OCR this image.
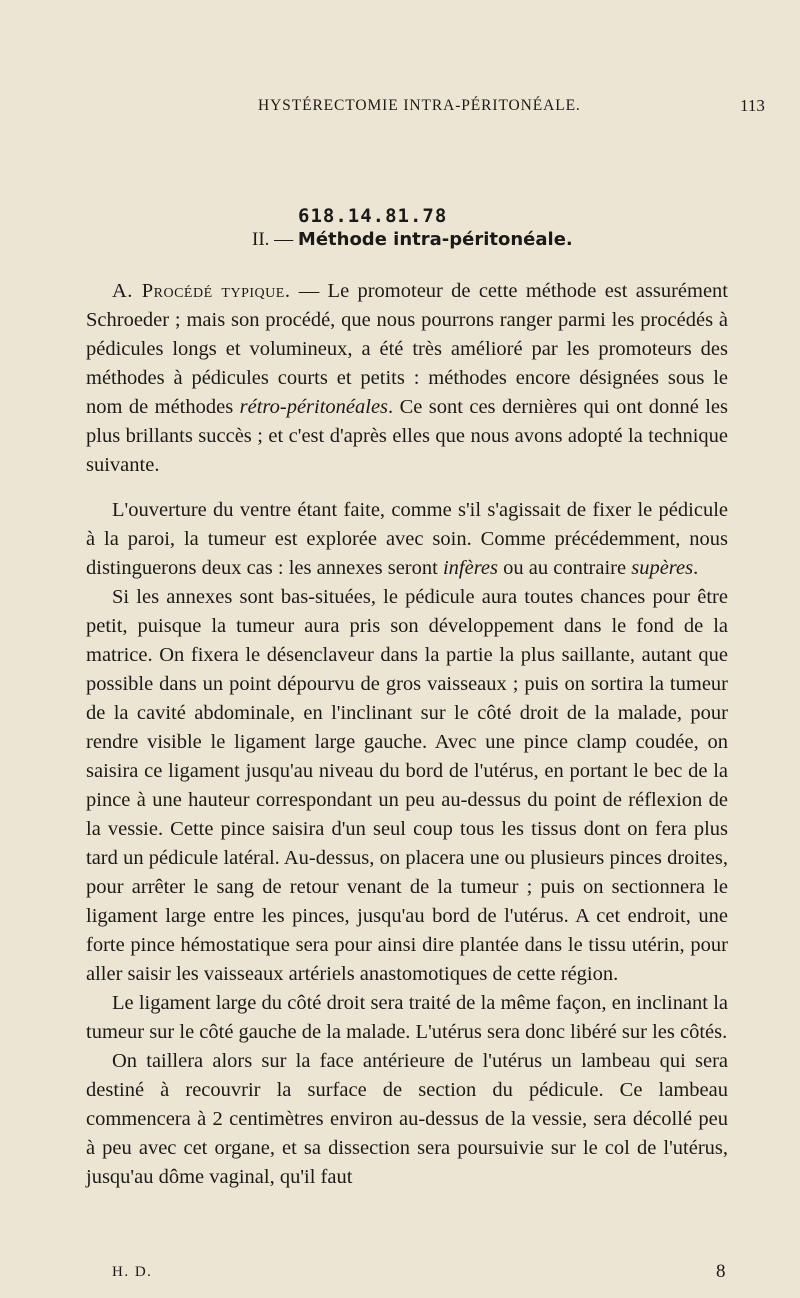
HYSTÉRECTOMIE INTRA-PÉRITONÉALE.	113
618.14.81.78
II. — Méthode intra-péritonéale.

A. Procédé typique. — Le promoteur de cette méthode est assurément Schroeder ; mais son procédé, que nous pourrons ranger parmi les procédés à pédicules longs et volumineux, a été très amélioré par les promoteurs des méthodes à pédicules courts et petits : méthodes encore désignées sous le nom de méthodes rétro-péritonéales. Ce sont ces dernières qui ont donné les plus brillants succès ; et c'est d'après elles que nous avons adopté la technique suivante.

L'ouverture du ventre étant faite, comme s'il s'agissait de fixer le pédicule à la paroi, la tumeur est explorée avec soin. Comme précédemment, nous distinguerons deux cas : les annexes seront infères ou au contraire supères.

Si les annexes sont bas-situées, le pédicule aura toutes chances pour être petit, puisque la tumeur aura pris son développement dans le fond de la matrice. On fixera le désenclaveur dans la partie la plus saillante, autant que possible dans un point dépourvu de gros vaisseaux ; puis on sortira la tumeur de la cavité abdominale, en l'inclinant sur le côté droit de la malade, pour rendre visible le ligament large gauche. Avec une pince clamp coudée, on saisira ce ligament jusqu'au niveau du bord de l'utérus, en portant le bec de la pince à une hauteur correspondant un peu au-dessus du point de réflexion de la vessie. Cette pince saisira d'un seul coup tous les tissus dont on fera plus tard un pédicule latéral. Au-dessus, on placera une ou plusieurs pinces droites, pour arrêter le sang de retour venant de la tumeur ; puis on sectionnera le ligament large entre les pinces, jusqu'au bord de l'utérus. A cet endroit, une forte pince hémostatique sera pour ainsi dire plantée dans le tissu utérin, pour aller saisir les vaisseaux artériels anastomotiques de cette région.

Le ligament large du côté droit sera traité de la même façon, en inclinant la tumeur sur le côté gauche de la malade. L'utérus sera donc libéré sur les côtés.

On taillera alors sur la face antérieure de l'utérus un lambeau qui sera destiné à recouvrir la surface de section du pédicule. Ce lambeau commencera à 2 centimètres environ au-dessus de la vessie, sera décollé peu à peu avec cet organe, et sa dissection sera poursuivie sur le col de l'utérus, jusqu'au dôme vaginal, qu'il faut

H. D.	8
